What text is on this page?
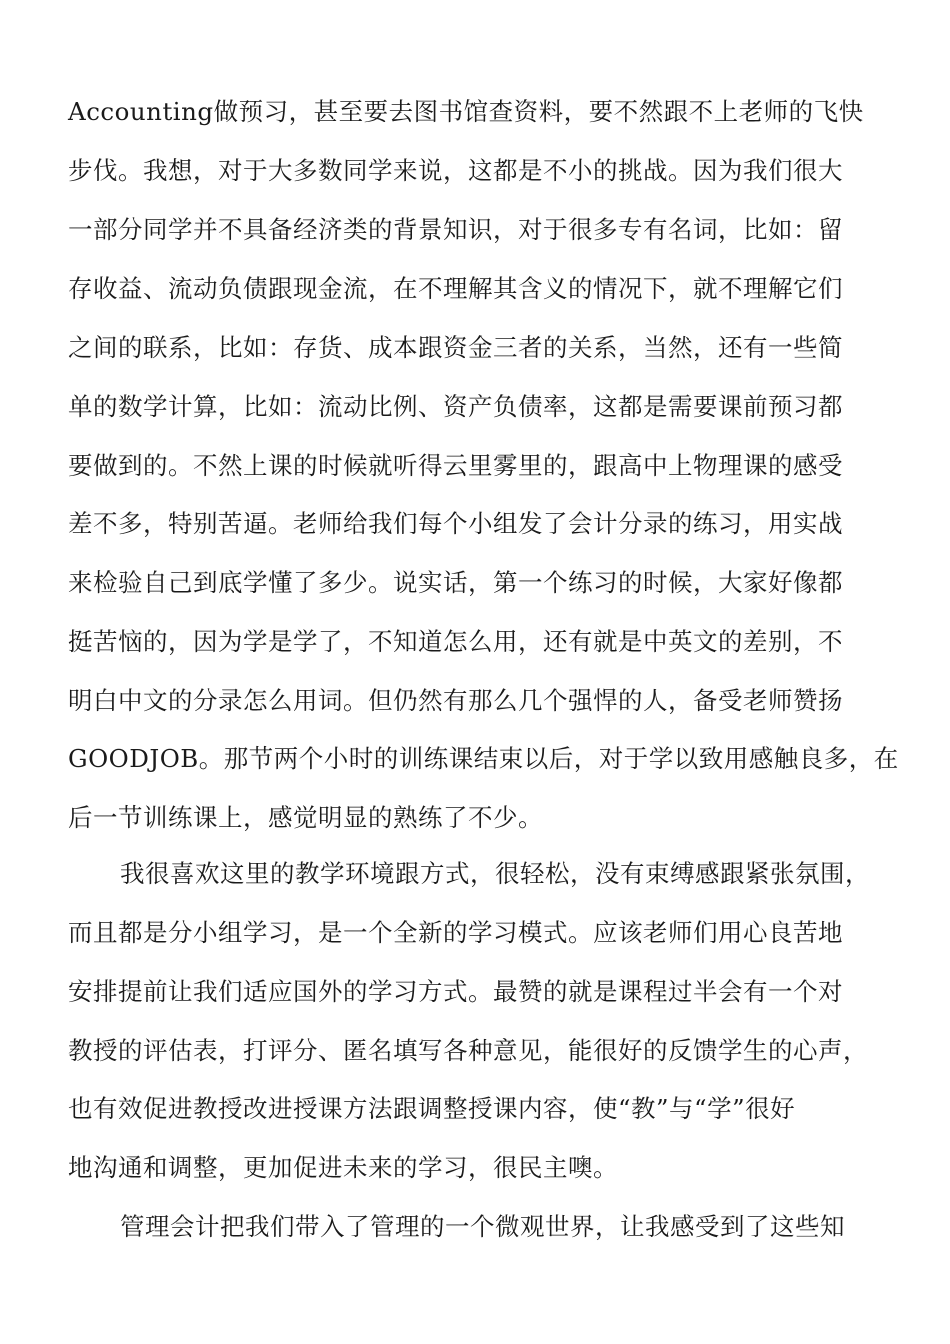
Accounting做预习，甚至要去图书馆查资料，要不然跟不上老师的飞快
步伐。我想，对于大多数同学来说，这都是不小的挑战。因为我们很大
一部分同学并不具备经济类的背景知识，对于很多专有名词，比如：留
存收益、流动负债跟现金流，在不理解其含义的情况下，就不理解它们
之间的联系，比如：存货、成本跟资金三者的关系，当然，还有一些简
单的数学计算，比如：流动比例、资产负债率，这都是需要课前预习都
要做到的。不然上课的时候就听得云里雾里的，跟高中上物理课的感受
差不多，特别苦逼。老师给我们每个小组发了会计分录的练习，用实战
来检验自己到底学懂了多少。说实话，第一个练习的时候，大家好像都
挺苦恼的，因为学是学了，不知道怎么用，还有就是中英文的差别，不
明白中文的分录怎么用词。但仍然有那么几个强悍的人，备受老师赞扬
GOODJOB。那节两个小时的训练课结束以后，对于学以致用感触良多，在
后一节训练课上，感觉明显的熟练了不少。
我很喜欢这里的教学环境跟方式，很轻松，没有束缚感跟紧张氛围，
而且都是分小组学习，是一个全新的学习模式。应该老师们用心良苦地
安排提前让我们适应国外的学习方式。最赞的就是课程过半会有一个对
教授的评估表，打评分、匿名填写各种意见，能很好的反馈学生的心声，
也有效促进教授改进授课方法跟调整授课内容，使“教”与“学”很好
地沟通和调整，更加促进未来的学习，很民主噢。
管理会计把我们带入了管理的一个微观世界，让我感受到了这些知
